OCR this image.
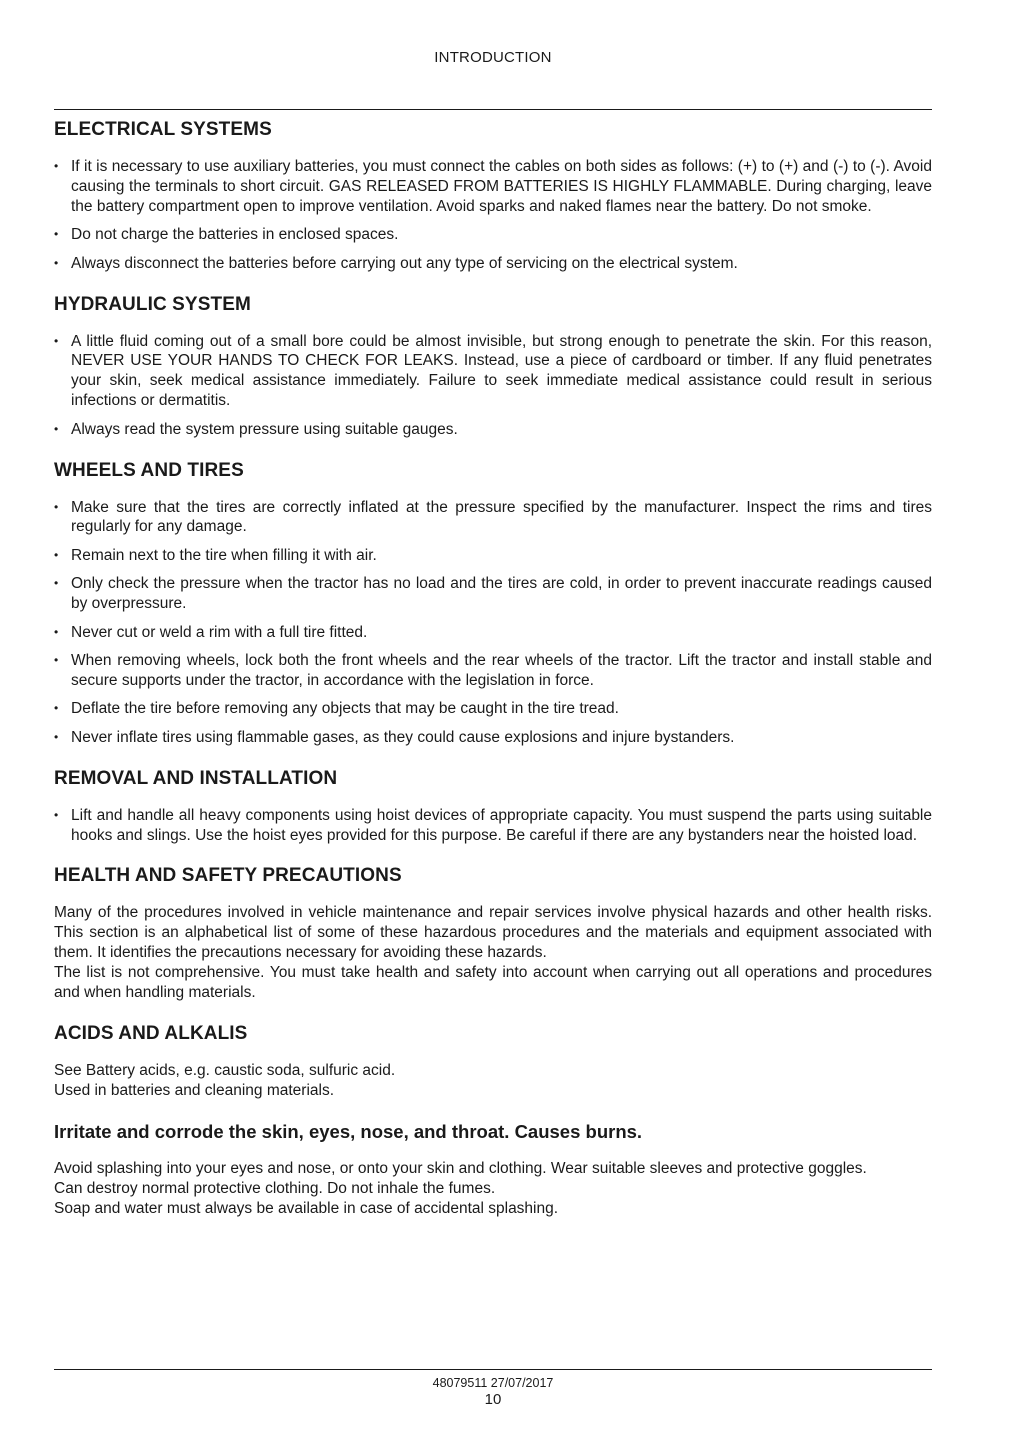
INTRODUCTION
ELECTRICAL SYSTEMS
• If it is necessary to use auxiliary batteries, you must connect the cables on both sides as follows: (+) to (+) and (-) to (-). Avoid causing the terminals to short circuit. GAS RELEASED FROM BATTERIES IS HIGHLY FLAMMABLE. During charging, leave the battery compartment open to improve ventilation. Avoid sparks and naked flames near the battery. Do not smoke.
• Do not charge the batteries in enclosed spaces.
• Always disconnect the batteries before carrying out any type of servicing on the electrical system.
HYDRAULIC SYSTEM
• A little fluid coming out of a small bore could be almost invisible, but strong enough to penetrate the skin. For this reason, NEVER USE YOUR HANDS TO CHECK FOR LEAKS. Instead, use a piece of cardboard or timber. If any fluid penetrates your skin, seek medical assistance immediately. Failure to seek immediate medical assistance could result in serious infections or dermatitis.
• Always read the system pressure using suitable gauges.
WHEELS AND TIRES
• Make sure that the tires are correctly inflated at the pressure specified by the manufacturer. Inspect the rims and tires regularly for any damage.
• Remain next to the tire when filling it with air.
• Only check the pressure when the tractor has no load and the tires are cold, in order to prevent inaccurate readings caused by overpressure.
• Never cut or weld a rim with a full tire fitted.
• When removing wheels, lock both the front wheels and the rear wheels of the tractor. Lift the tractor and install stable and secure supports under the tractor, in accordance with the legislation in force.
• Deflate the tire before removing any objects that may be caught in the tire tread.
• Never inflate tires using flammable gases, as they could cause explosions and injure bystanders.
REMOVAL AND INSTALLATION
• Lift and handle all heavy components using hoist devices of appropriate capacity. You must suspend the parts using suitable hooks and slings. Use the hoist eyes provided for this purpose. Be careful if there are any bystanders near the hoisted load.
HEALTH AND SAFETY PRECAUTIONS

Many of the procedures involved in vehicle maintenance and repair services involve physical hazards and other health risks. This section is an alphabetical list of some of these hazardous procedures and the materials and equipment associated with them. It identifies the precautions necessary for avoiding these hazards.

The list is not comprehensive. You must take health and safety into account when carrying out all operations and procedures and when handling materials.

ACIDS AND ALKALIS

See Battery acids, e.g. caustic soda, sulfuric acid.

Used in batteries and cleaning materials.

Irritate and corrode the skin, eyes, nose, and throat. Causes burns.

Avoid splashing into your eyes and nose, or onto your skin and clothing. Wear suitable sleeves and protective goggles.

Can destroy normal protective clothing. Do not inhale the fumes.

Soap and water must always be available in case of accidental splashing.

48079511 27/07/2017
10
